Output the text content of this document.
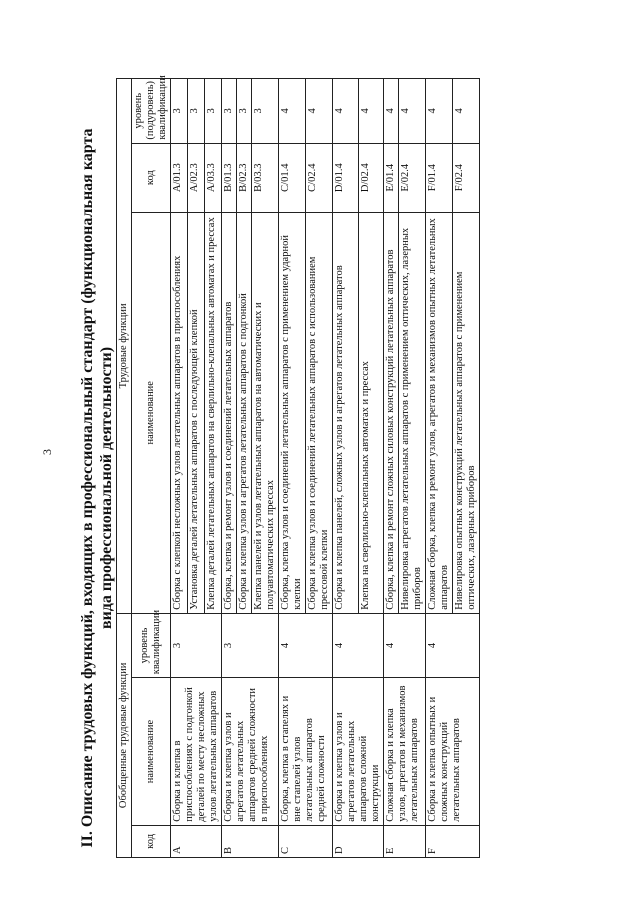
3 II. Описание трудовых функций, входящих в профессиональный стандарт (функциональная карта вида профессиональной деятельности)
Обобщенные трудовые функции			Трудовые функции		
код	наименование	уровень квалификации	наименование	код	уровень (подуровень) квалификации
A	Сборка и клепка в приспособлениях с подгонкой деталей по месту несложных узлов летательных аппаратов	3	Сборка с клепкой несложных узлов летательных аппаратов в приспособлениях	A/01.3	3
			Установка деталей летательных аппаратов с последующей клепкой	A/02.3	3
			Клепка деталей летательных аппаратов на сверлильно-клепальных автоматах и прессах	A/03.3	3
B	Сборка и клепка узлов и агрегатов летательных аппаратов средней сложности в приспособлениях	3	Сборка, клепка и ремонт узлов и соединений летательных аппаратов	B/01.3	3
			Сборка и клепка узлов и агрегатов летательных аппаратов с подгонкой	B/02.3	3
			Клепка панелей и узлов летательных аппаратов на автоматических и полуавтоматических прессах	B/03.3	3
C	Сборка, клепка в стапелях и вне стапелей узлов летательных аппаратов средней сложности	4	Сборка, клепка узлов и соединений летательных аппаратов с применением ударной клепки	C/01.4	4
			Сборка и клепка узлов и соединений летательных аппаратов с использованием прессовой клепки	C/02.4	4
D	Сборка и клепка узлов и агрегатов летательных аппаратов сложной конструкции	4	Сборка и клепка панелей, сложных узлов и агрегатов летательных аппаратов	D/01.4	4
			Клепка на сверлильно-клепальных автоматах и прессах	D/02.4	4
E	Сложная сборка и клепка узлов, агрегатов и механизмов летательных аппаратов	4	Сборка, клепка и ремонт сложных силовых конструкций летательных аппаратов	E/01.4	4
			Нивелировка агрегатов летательных аппаратов с применением оптических, лазерных приборов	E/02.4	4
F	Сборка и клепка опытных и сложных конструкций летательных аппаратов	4	Сложная сборка, клепка и ремонт узлов, агрегатов и механизмов опытных летательных аппаратов	F/01.4	4
			Нивелировка опытных конструкций летательных аппаратов с применением оптических, лазерных приборов	F/02.4	4
